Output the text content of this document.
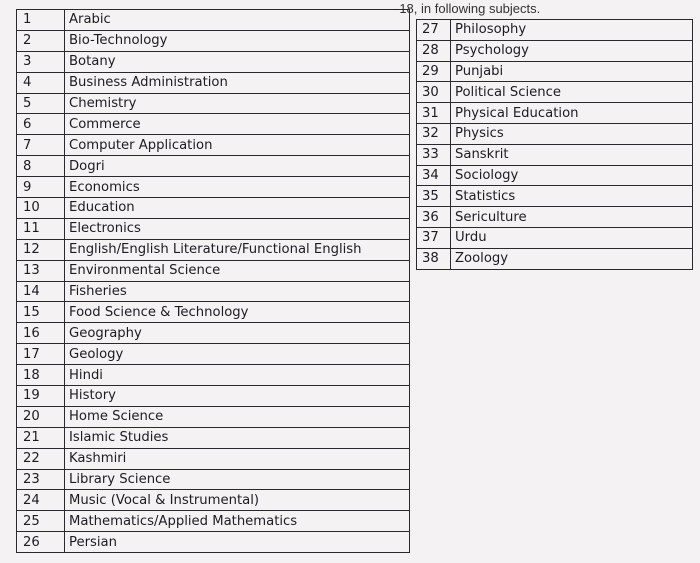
-18, in following subjects.
1	Arabic
2	Bio-Technology
3	Botany
4	Business Administration
5	Chemistry
6	Commerce
7	Computer Application
8	Dogri
9	Economics
10	Education
11	Electronics
12	English/English Literature/Functional English
13	Environmental Science
14	Fisheries
15	Food Science & Technology
16	Geography
17	Geology
18	Hindi
19	History
20	Home Science
21	Islamic Studies
22	Kashmiri
23	Library Science
24	Music (Vocal & Instrumental)
25	Mathematics/Applied Mathematics
26	Persian
27	Philosophy
28	Psychology
29	Punjabi
30	Political Science
31	Physical Education
32	Physics
33	Sanskrit
34	Sociology
35	Statistics
36	Sericulture
37	Urdu
38	Zoology
